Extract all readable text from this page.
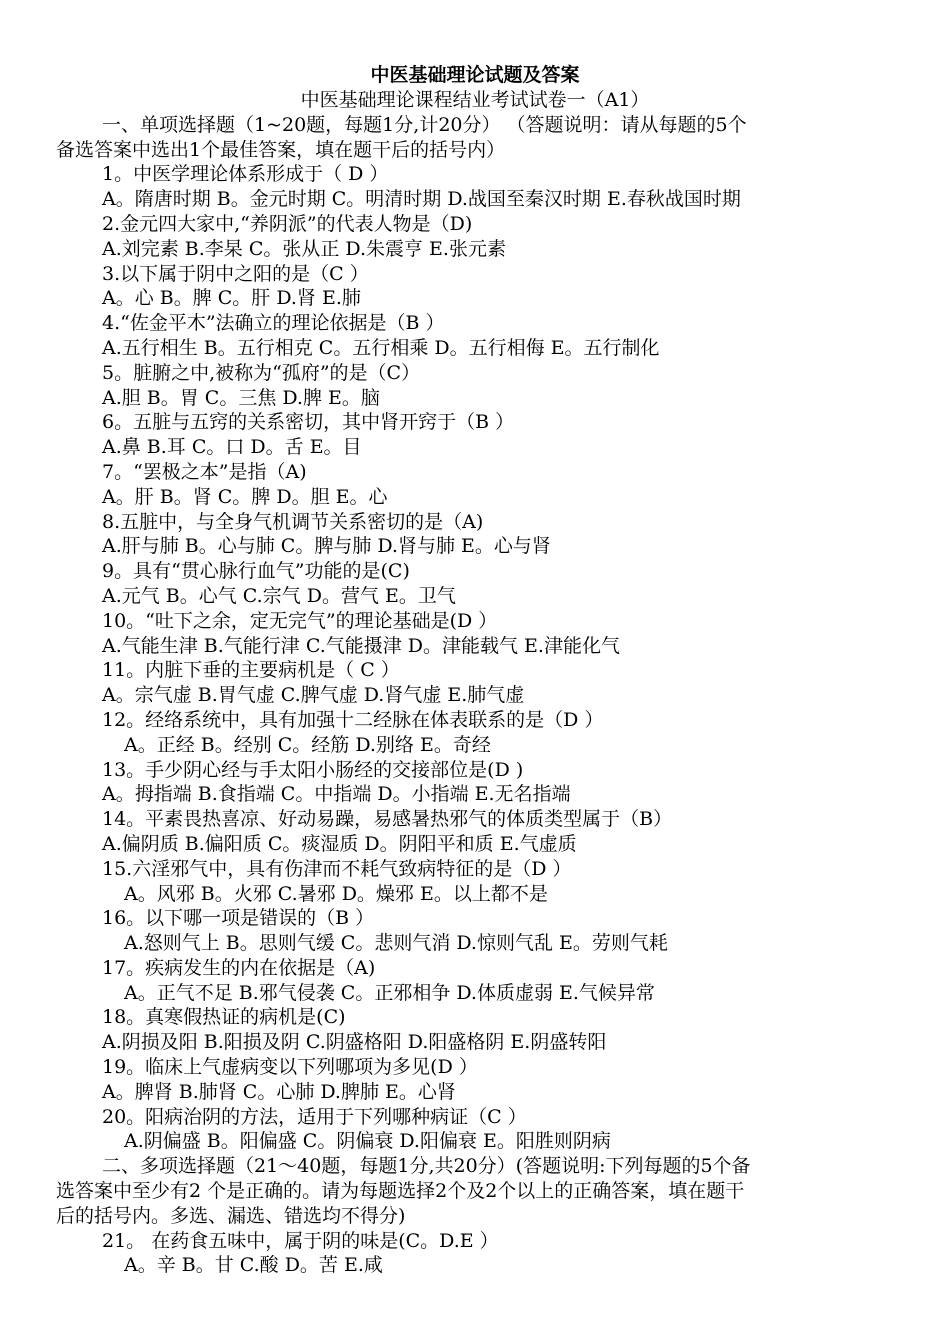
中医基础理论试题及答案
中医基础理论课程结业考试试卷一（A1）
一、单项选择题（1~20题，每题1分,计20分） （答题说明：请从每题的5个
备选答案中选出1个最佳答案，填在题干后的括号内）
1。中医学理论体系形成于（ D ）
A。隋唐时期 B。金元时期 C。明清时期 D.战国至秦汉时期 E.春秋战国时期
2.金元四大家中,“养阴派”的代表人物是（D)
A.刘完素 B.李杲 C。张从正 D.朱震亨 E.张元素
3.以下属于阴中之阳的是（C ）
A。心 B。脾 C。肝 D.肾 E.肺
4.“佐金平木”法确立的理论依据是（B ）
A.五行相生 B。五行相克 C。五行相乘 D。五行相侮 E。五行制化
5。脏腑之中,被称为“孤府”的是（C）
A.胆 B。胃 C。三焦 D.脾 E。脑
6。五脏与五窍的关系密切，其中肾开窍于（B ）
A.鼻 B.耳 C。口 D。舌 E。目
7。“罢极之本”是指（A)
A。肝 B。肾 C。脾 D。胆 E。心
8.五脏中，与全身气机调节关系密切的是（A)
A.肝与肺 B。心与肺 C。脾与肺 D.肾与肺 E。心与肾
9。具有“贯心脉行血气”功能的是(C)
A.元气 B。心气 C.宗气 D。营气 E。卫气
10。“吐下之余，定无完气”的理论基础是(D ）
A.气能生津 B.气能行津 C.气能摄津 D。津能载气 E.津能化气
11。内脏下垂的主要病机是（ C ）
A。宗气虚 B.胃气虚 C.脾气虚 D.肾气虚 E.肺气虚
12。经络系统中，具有加强十二经脉在体表联系的是（D ）
A。正经 B。经别 C。经筋 D.别络 E。奇经
13。手少阴心经与手太阳小肠经的交接部位是(D )
A。拇指端 B.食指端 C。中指端 D。小指端 E.无名指端
14。平素畏热喜凉、好动易躁，易感暑热邪气的体质类型属于（B）
A.偏阴质 B.偏阳质 C。痰湿质 D。阴阳平和质 E.气虚质
15.六淫邪气中，具有伤津而不耗气致病特征的是（D ）
A。风邪 B。火邪 C.暑邪 D。燥邪 E。以上都不是
16。以下哪一项是错误的（B ）
A.怒则气上 B。思则气缓 C。悲则气消 D.惊则气乱 E。劳则气耗
17。疾病发生的内在依据是（A)
A。正气不足 B.邪气侵袭 C。正邪相争 D.体质虚弱 E.气候异常
18。真寒假热证的病机是(C)
A.阴损及阳 B.阳损及阴 C.阴盛格阳 D.阳盛格阴 E.阴盛转阳
19。临床上气虚病变以下列哪项为多见(D ）
A。脾肾 B.肺肾 C。心肺 D.脾肺 E。心肾
20。阳病治阴的方法，适用于下列哪种病证（C ）
A.阴偏盛 B。阳偏盛 C。阴偏衰 D.阳偏衰 E。阳胜则阴病
二、多项选择题（21～40题，每题1分,共20分）(答题说明:下列每题的5个备
选答案中至少有2 个是正确的。请为每题选择2个及2个以上的正确答案，填在题干
后的括号内。多选、漏选、错选均不得分)
21。 在药食五味中，属于阴的味是(C。D.E ）
A。辛 B。甘 C.酸 D。苦 E.咸
